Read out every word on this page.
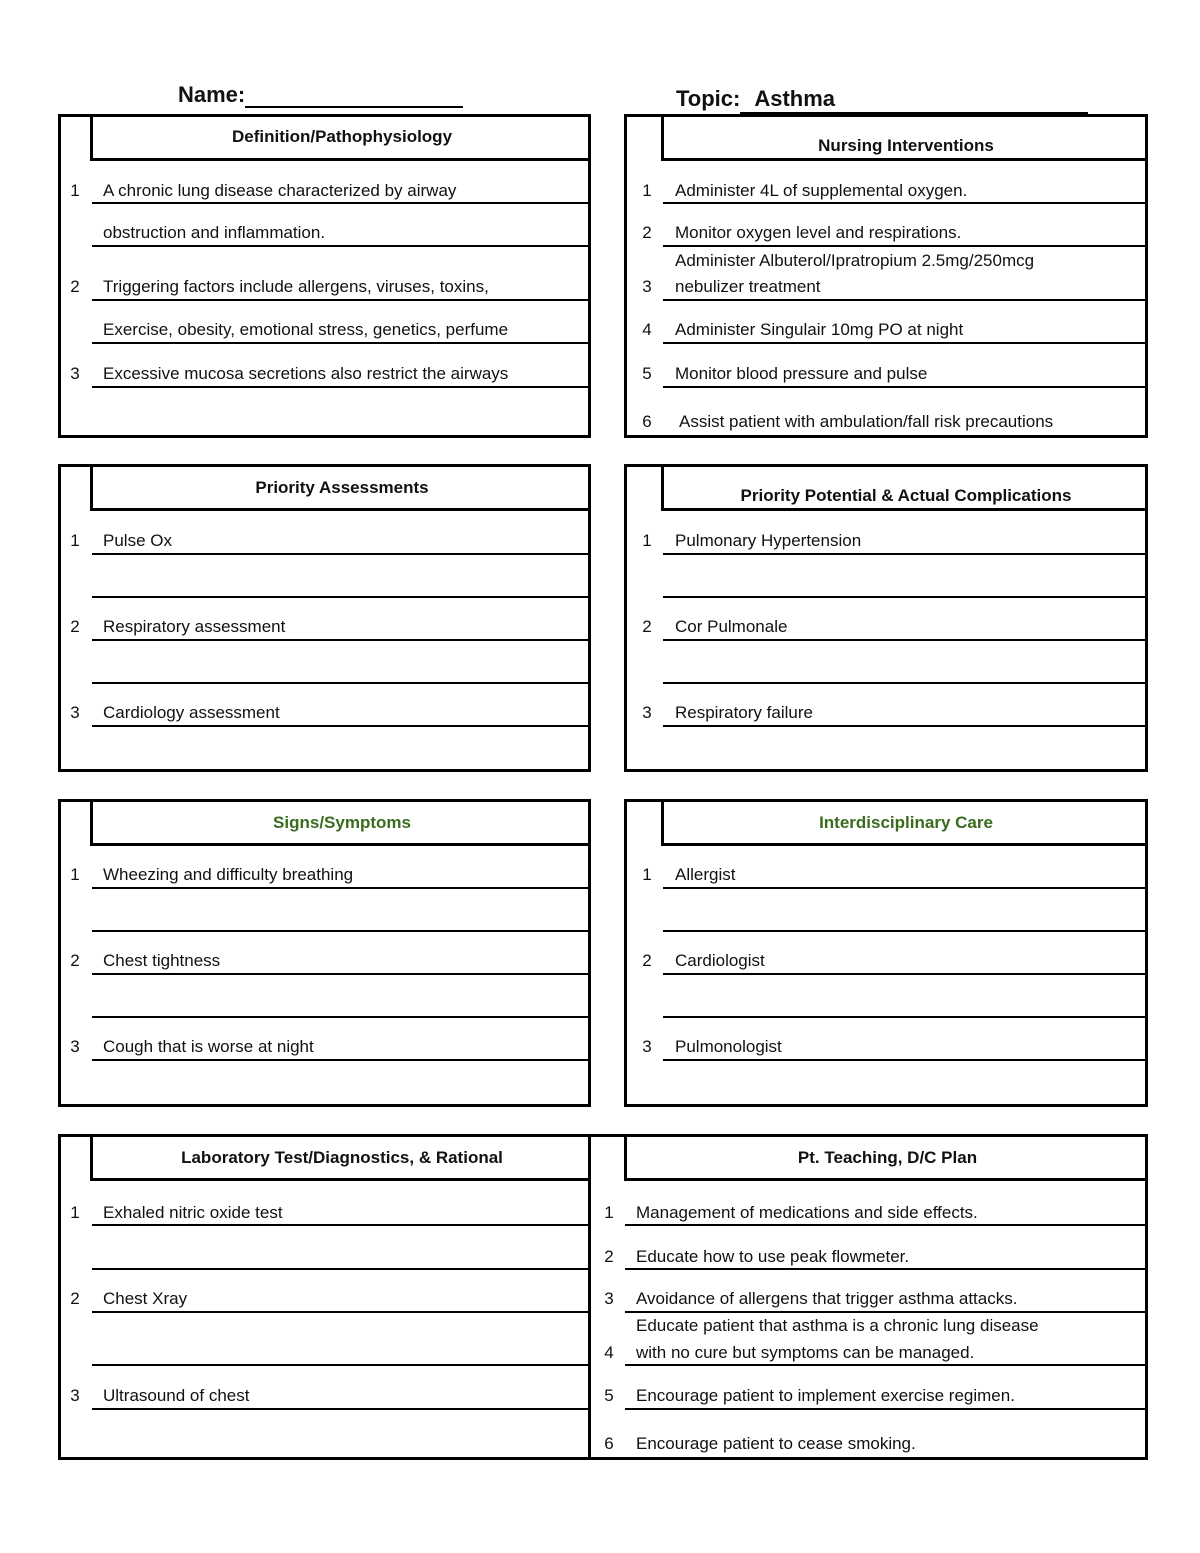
Name:	Topic: Asthma
Definition/Pathophysiology
1 A chronic lung disease characterized by airway
obstruction and inflammation.
2 Triggering factors include allergens, viruses, toxins,
Exercise, obesity, emotional stress, genetics, perfume
3 Excessive mucosa secretions also restrict the airways
Nursing Interventions
1 Administer 4L of supplemental oxygen.
2 Monitor oxygen level and respirations.
3
Administer Albuterol/Ipratropium 2.5mg/250mcg
nebulizer treatment
4 Administer Singulair 10mg PO at night
5 Monitor blood pressure and pulse
6 Assist patient with ambulation/fall risk precautions
Priority Assessments
1 Pulse Ox
2 Respiratory assessment
3 Cardiology assessment
Priority Potential & Actual Complications
1 Pulmonary Hypertension
2 Cor Pulmonale
3 Respiratory failure
Signs/Symptoms
1 Wheezing and difficulty breathing
2 Chest tightness
3 Cough that is worse at night
Interdisciplinary Care
1 Allergist
2 Cardiologist
3 Pulmonologist
Laboratory Test/Diagnostics, & Rational	Pt. Teaching, D/C Plan
1 Exhaled nitric oxide test
2 Chest Xray
3 Ultrasound of chest
1 Management of medications and side effects.
2 Educate how to use peak flowmeter.
3 Avoidance of allergens that trigger asthma attacks.
4
Educate patient that asthma is a chronic lung disease
with no cure but symptoms can be managed.
5 Encourage patient to implement exercise regimen.
6 Encourage patient to cease smoking.
